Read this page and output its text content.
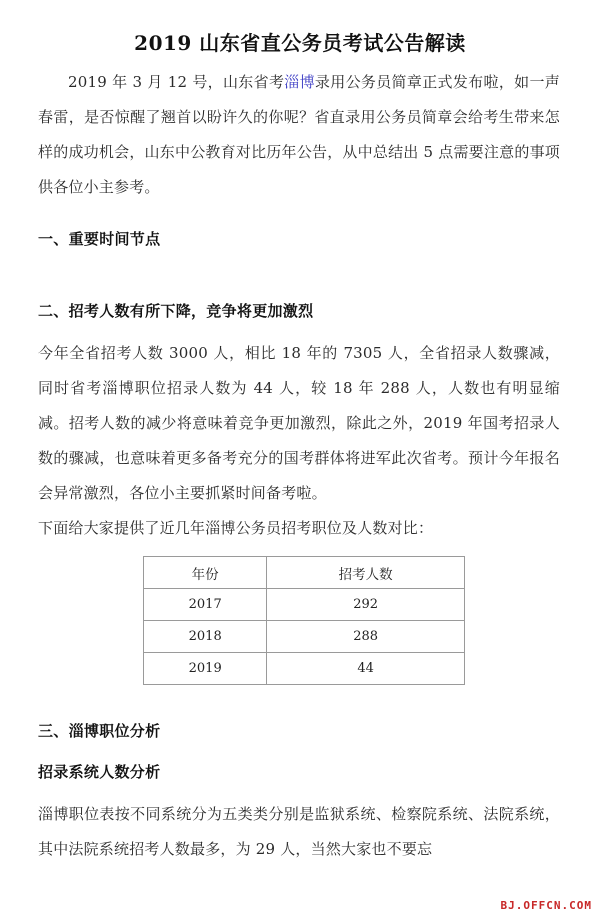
2019 山东省直公务员考试公告解读

2019 年 3 月 12 号，山东省考淄博录用公务员简章正式发布啦，如一声春雷，是否惊醒了翘首以盼许久的你呢？省直录用公务员简章会给考生带来怎样的成功机会，山东中公教育对比历年公告，从中总结出 5 点需要注意的事项供各位小主参考。

一、重要时间节点
二、招考人数有所下降，竞争将更加激烈

今年全省招考人数 3000 人，相比 18 年的 7305 人，全省招录人数骤减，同时省考淄博职位招录人数为 44 人，较 18 年 288 人，人数也有明显缩减。招考人数的减少将意味着竞争更加激烈，除此之外，2019 年国考招录人数的骤减，也意味着更多备考充分的国考群体将进军此次省考。预计今年报名会异常激烈，各位小主要抓紧时间备考啦。

下面给大家提供了近几年淄博公务员招考职位及人数对比：

年份	招考人数
2017	292
2018	288
2019	44
三、淄博职位分析
招录系统人数分析

淄博职位表按不同系统分为五类类分别是监狱系统、检察院系统、法院系统，其中法院系统招考人数最多，为 29 人，当然大家也不要忘

BJ.OFFCN.COM
